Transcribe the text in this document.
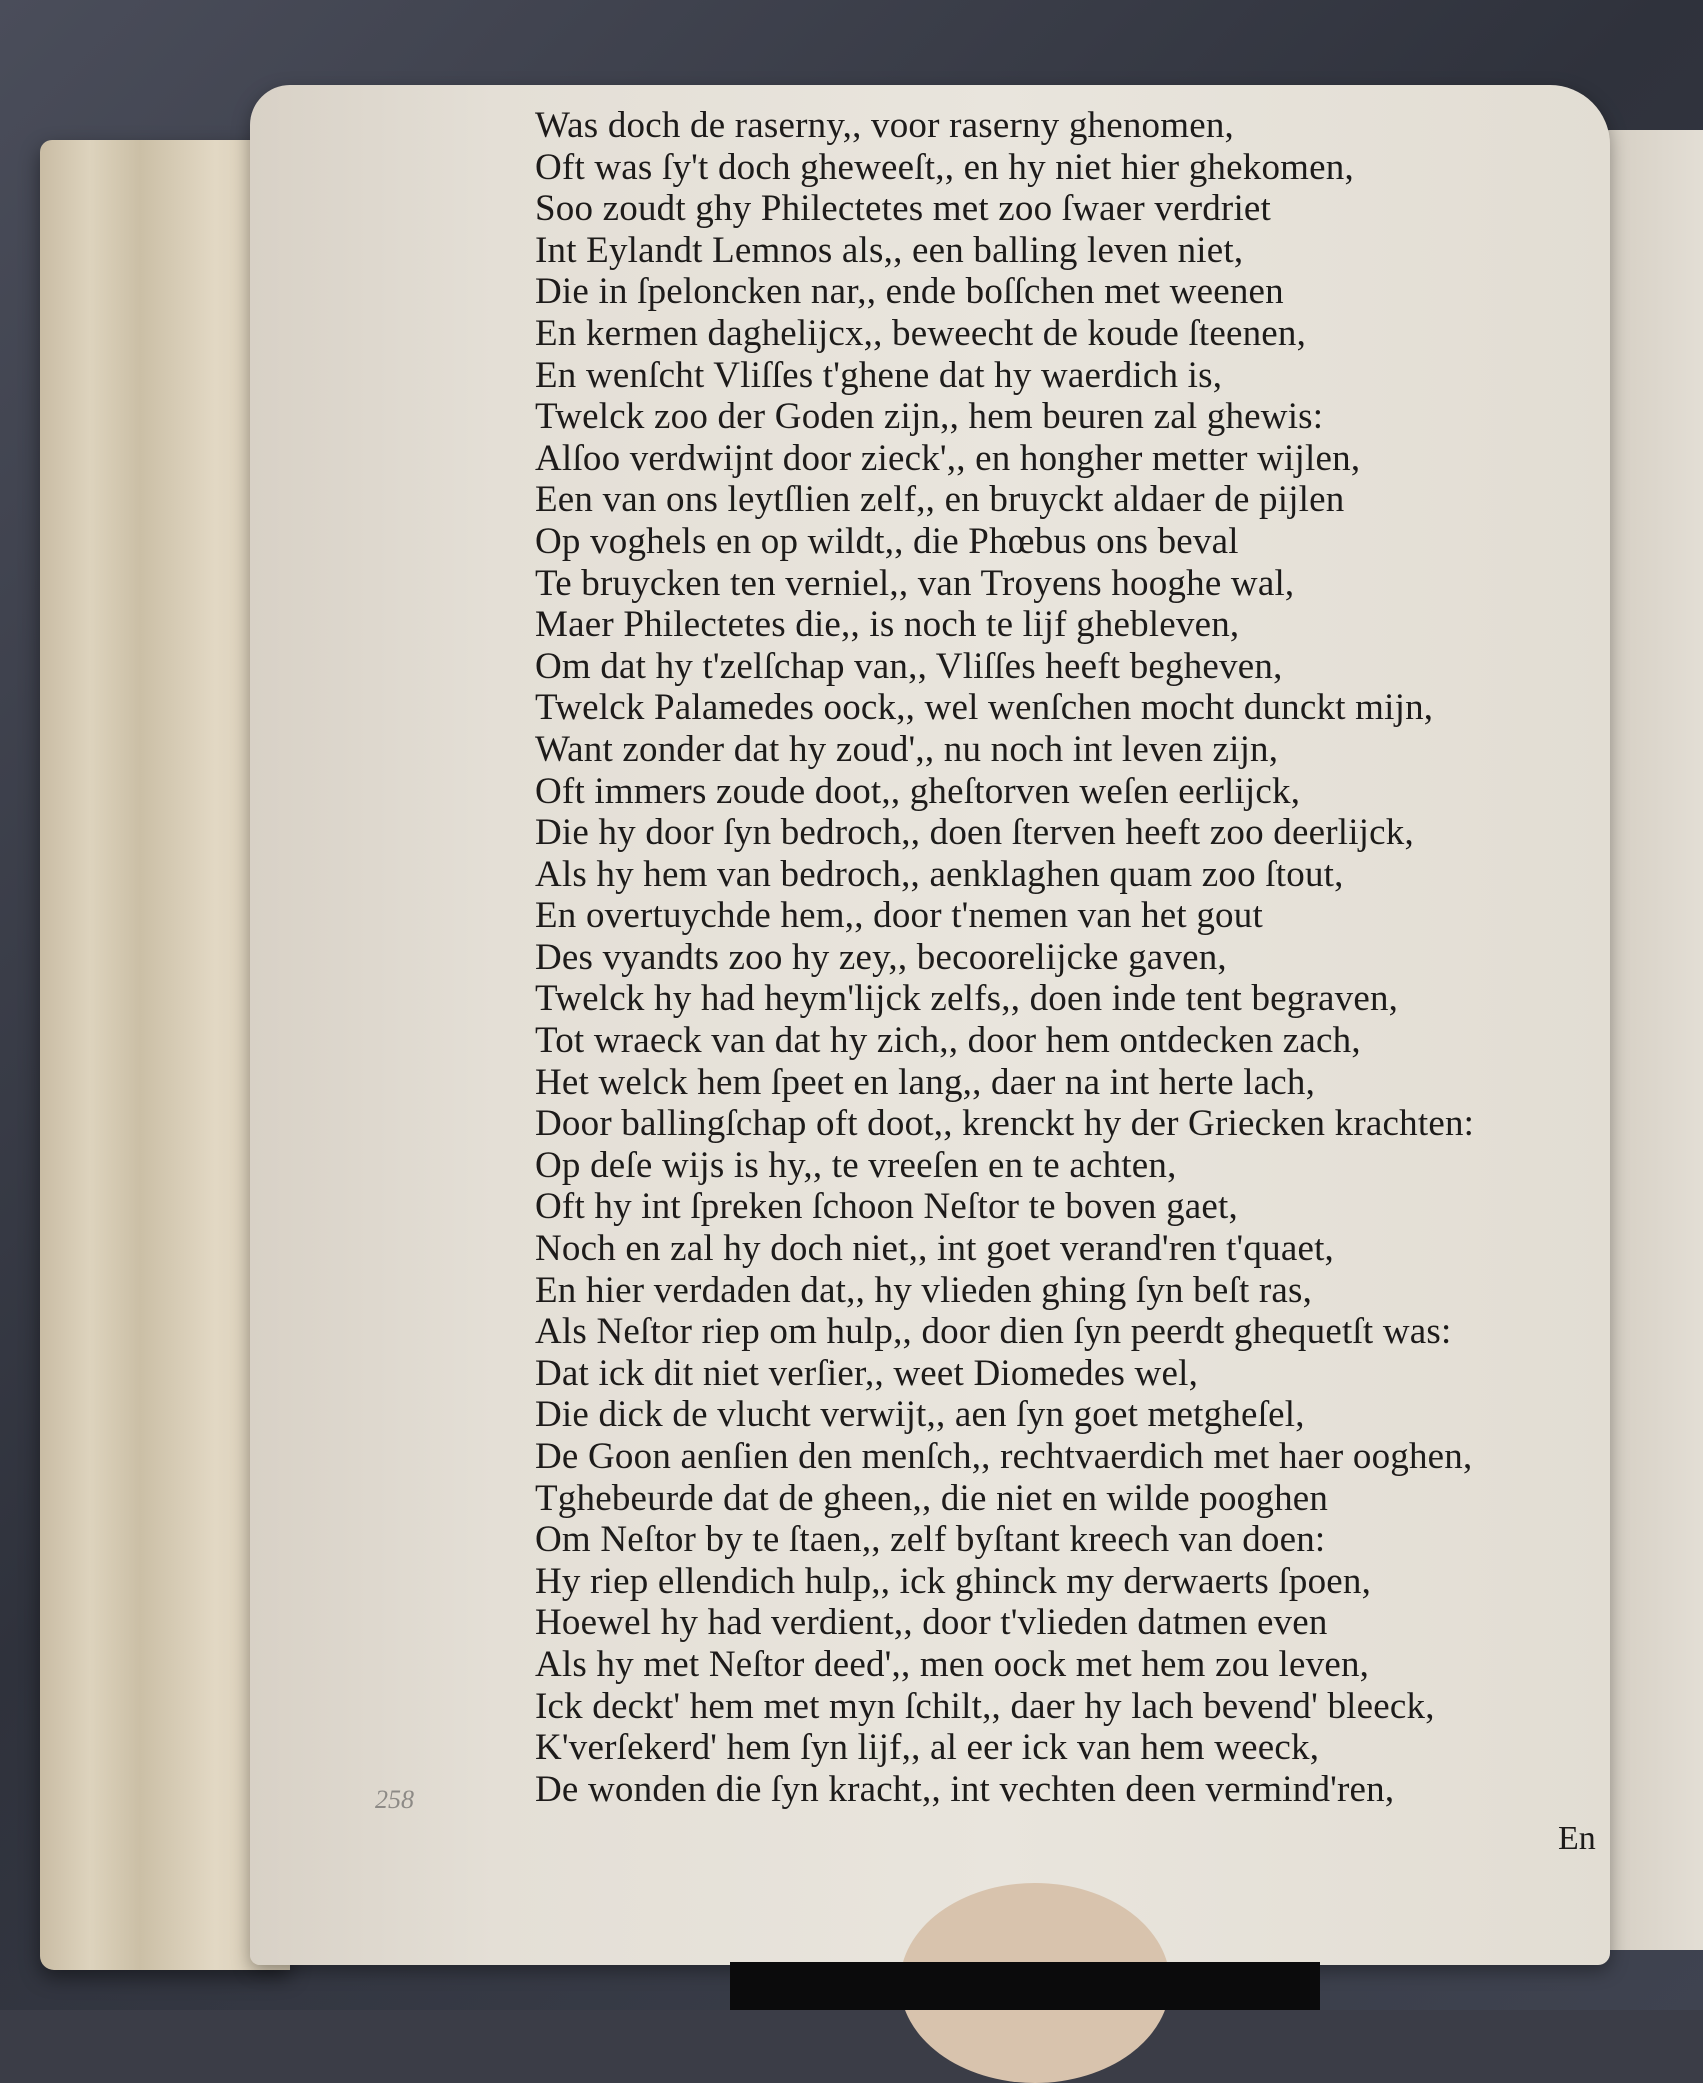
Was doch de raserny,, voor raserny ghenomen,
Oft was ſy't doch gheweeſt,, en hy niet hier ghekomen,
Soo zoudt ghy Philectetes met zoo ſwaer verdriet
Int Eylandt Lemnos als,, een balling leven niet,
Die in ſpeloncken nar,, ende boſſchen met weenen
En kermen daghelijcx,, beweecht de koude ſteenen,
En wenſcht Vliſſes t'ghene dat hy waerdich is,
Twelck zoo der Goden zijn,, hem beuren zal ghewis:
Alſoo verdwijnt door zieck',, en hongher metter wijlen,
Een van ons leytſlien zelf,, en bruyckt aldaer de pijlen
Op voghels en op wildt,, die Phœbus ons beval
Te bruycken ten verniel,, van Troyens hooghe wal,
Maer Philectetes die,, is noch te lijf ghebleven,
Om dat hy t'zelſchap van,, Vliſſes heeft begheven,
Twelck Palamedes oock,, wel wenſchen mocht dunckt mijn,
Want zonder dat hy zoud',, nu noch int leven zijn,
Oft immers zoude doot,, gheſtorven weſen eerlijck,
Die hy door ſyn bedroch,, doen ſterven heeft zoo deerlijck,
Als hy hem van bedroch,, aenklaghen quam zoo ſtout,
En overtuychde hem,, door t'nemen van het gout
Des vyandts zoo hy zey,, becoorelijcke gaven,
Twelck hy had heym'lijck zelfs,, doen inde tent begraven,
Tot wraeck van dat hy zich,, door hem ontdecken zach,
Het welck hem ſpeet en lang,, daer na int herte lach,
Door ballingſchap oft doot,, krenckt hy der Griecken krachten:
Op deſe wijs is hy,, te vreeſen en te achten,
Oft hy int ſpreken ſchoon Neſtor te boven gaet,
Noch en zal hy doch niet,, int goet verand'ren t'quaet,
En hier verdaden dat,, hy vlieden ghing ſyn beſt ras,
Als Neſtor riep om hulp,, door dien ſyn peerdt ghequetſt was:
Dat ick dit niet verſier,, weet Diomedes wel,
Die dick de vlucht verwijt,, aen ſyn goet metgheſel,
De Goon aenſien den menſch,, rechtvaerdich met haer ooghen,
Tghebeurde dat de gheen,, die niet en wilde pooghen
Om Neſtor by te ſtaen,, zelf byſtant kreech van doen:
Hy riep ellendich hulp,, ick ghinck my derwaerts ſpoen,
Hoewel hy had verdient,, door t'vlieden datmen even
Als hy met Neſtor deed',, men oock met hem zou leven,
Ick deckt' hem met myn ſchilt,, daer hy lach bevend' bleeck,
K'verſekerd' hem ſyn lijf,, al eer ick van hem weeck,
De wonden die ſyn kracht,, int vechten deen vermind'ren,
258
En
